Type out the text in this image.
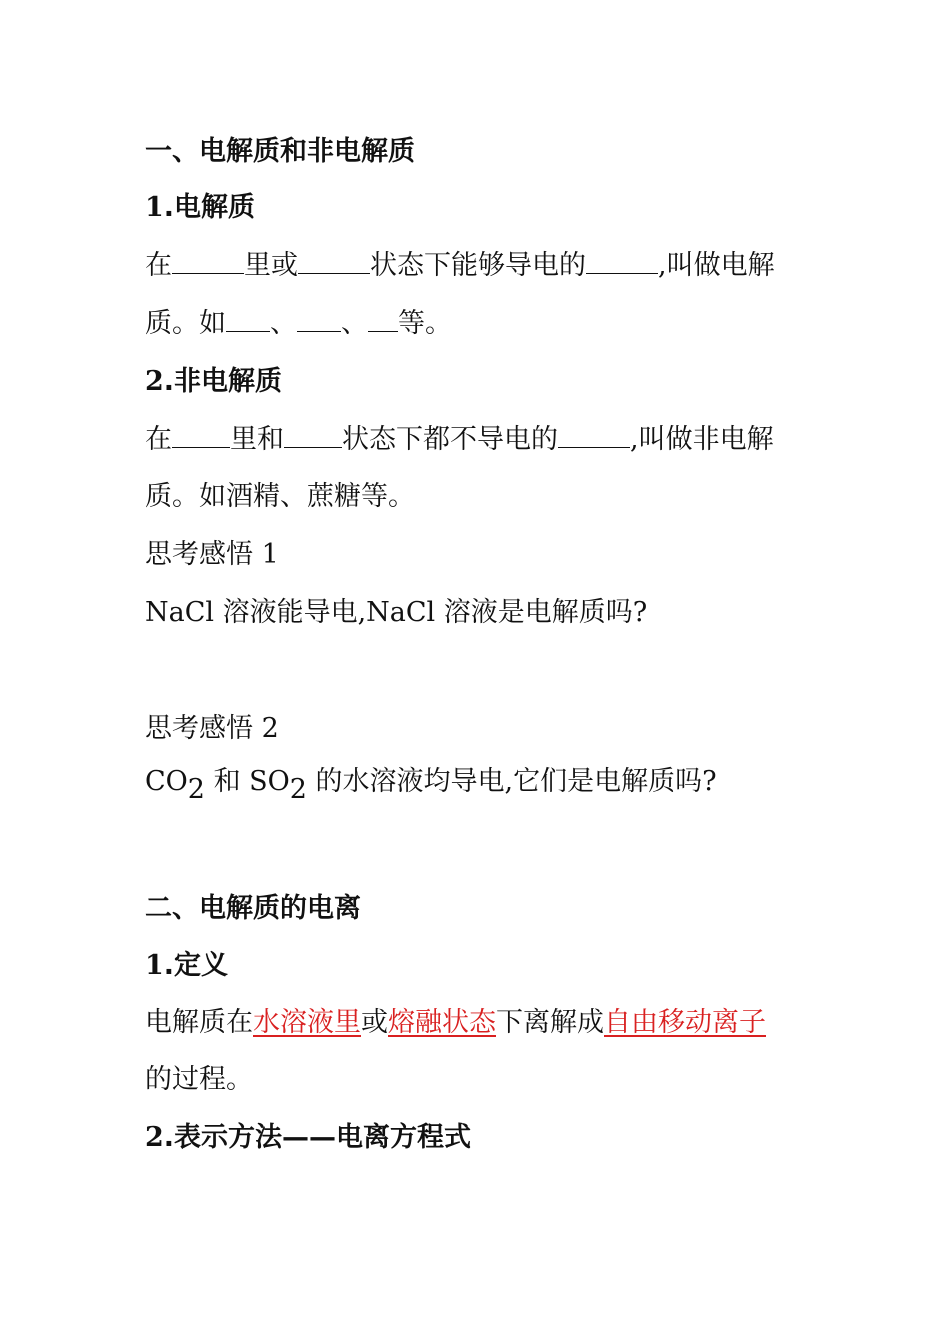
一、电解质和非电解质
1.电解质
在	里或	状态下能够导电的	,叫做电解
质。如 、 、 等。
2.非电解质
在 里和 状态下都不导电的	,叫做非电解
质。如酒精、蔗糖等。
思考感悟 1
NaCl 溶液能导电,NaCl 溶液是电解质吗?
思考感悟 2
CO2 和 SO2 的水溶液均导电,它们是电解质吗?
二、电解质的电离
1.定义
电解质在水溶液里或熔融状态下离解成自由移动离子
的过程。
2.表示方法——电离方程式
